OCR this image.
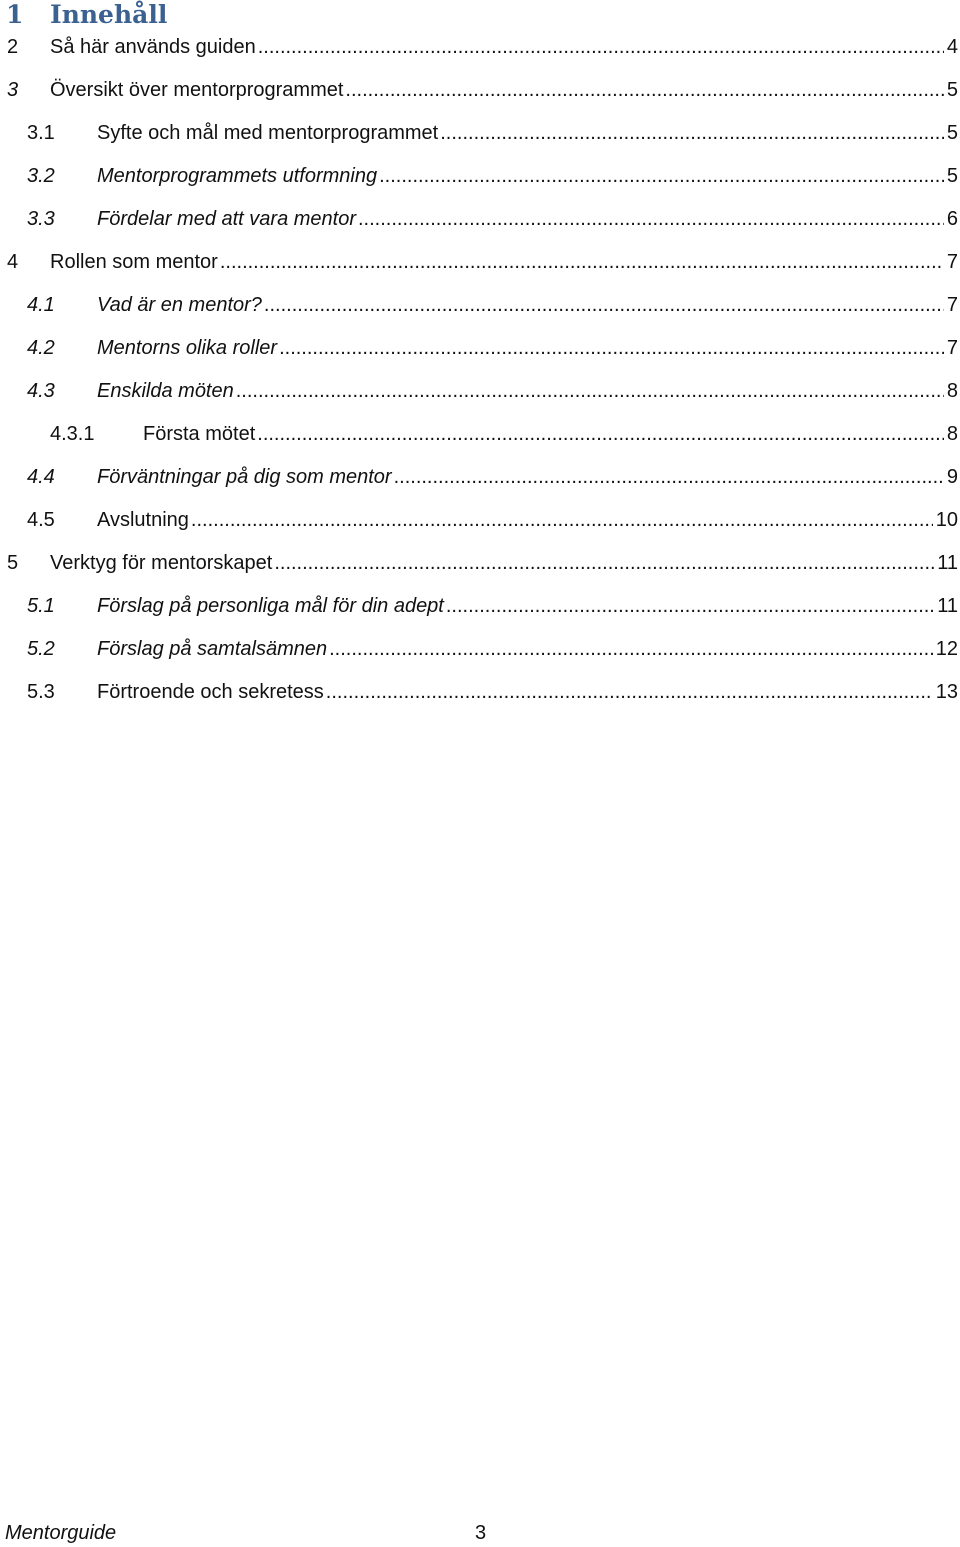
1 Innehåll
2 Så här används guiden .....	4
3 Översikt över mentorprogrammet .....	5
3.1 Syfte och mål med mentorprogrammet .....	5
3.2 Mentorprogrammets utformning .....	5
3.3 Fördelar med att vara mentor .....	6
4 Rollen som mentor .....	7
4.1 Vad är en mentor? .....	7
4.2 Mentorns olika roller .....	7
4.3 Enskilda möten .....	8
4.3.1 Första mötet .....	8
4.4 Förväntningar på dig som mentor .....	9
4.5 Avslutning .....	10
5 Verktyg för mentorskapet .....	11
5.1 Förslag på personliga mål för din adept .....	11
5.2 Förslag på samtalsämnen .....	12
5.3 Förtroende och sekretess .....	13
Mentorguide	3
